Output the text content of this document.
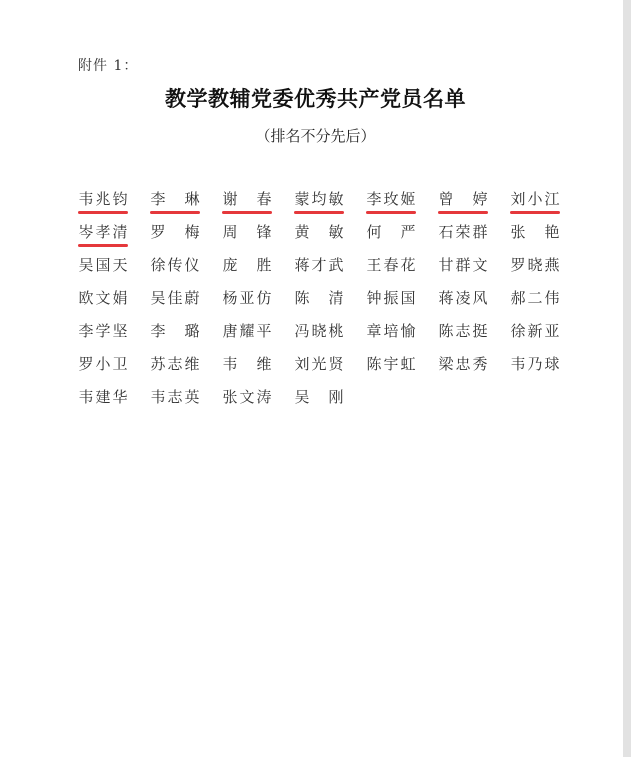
附件 1：
教学教辅党委优秀共产党员名单
（排名不分先后）
韦 兆 钧 李 琳 谢 春 蒙 均 敏 李 玫 姬 曾 婷 刘 小 江
岑 孝 清 罗 梅 周 锋 黄 敏 何 严 石 荣 群 张 艳
吴 国 天 徐 传 仪 庞 胜 蒋 才 武 王 春 花 甘 群 文 罗 晓 燕
欧 文 娟 吴 佳 蔚 杨 亚 仿 陈 清 钟 振 国 蒋 凌 风 郝 二 伟
李 学 坚 李 璐 唐 耀 平 冯 晓 桃 章 培 愉 陈 志 挺 徐 新 亚
罗 小 卫 苏 志 维 韦 维 刘 光 贤 陈 宇 虹 梁 忠 秀 韦 乃 球
韦 建 华 韦 志 英 张 文 涛 吴 刚
